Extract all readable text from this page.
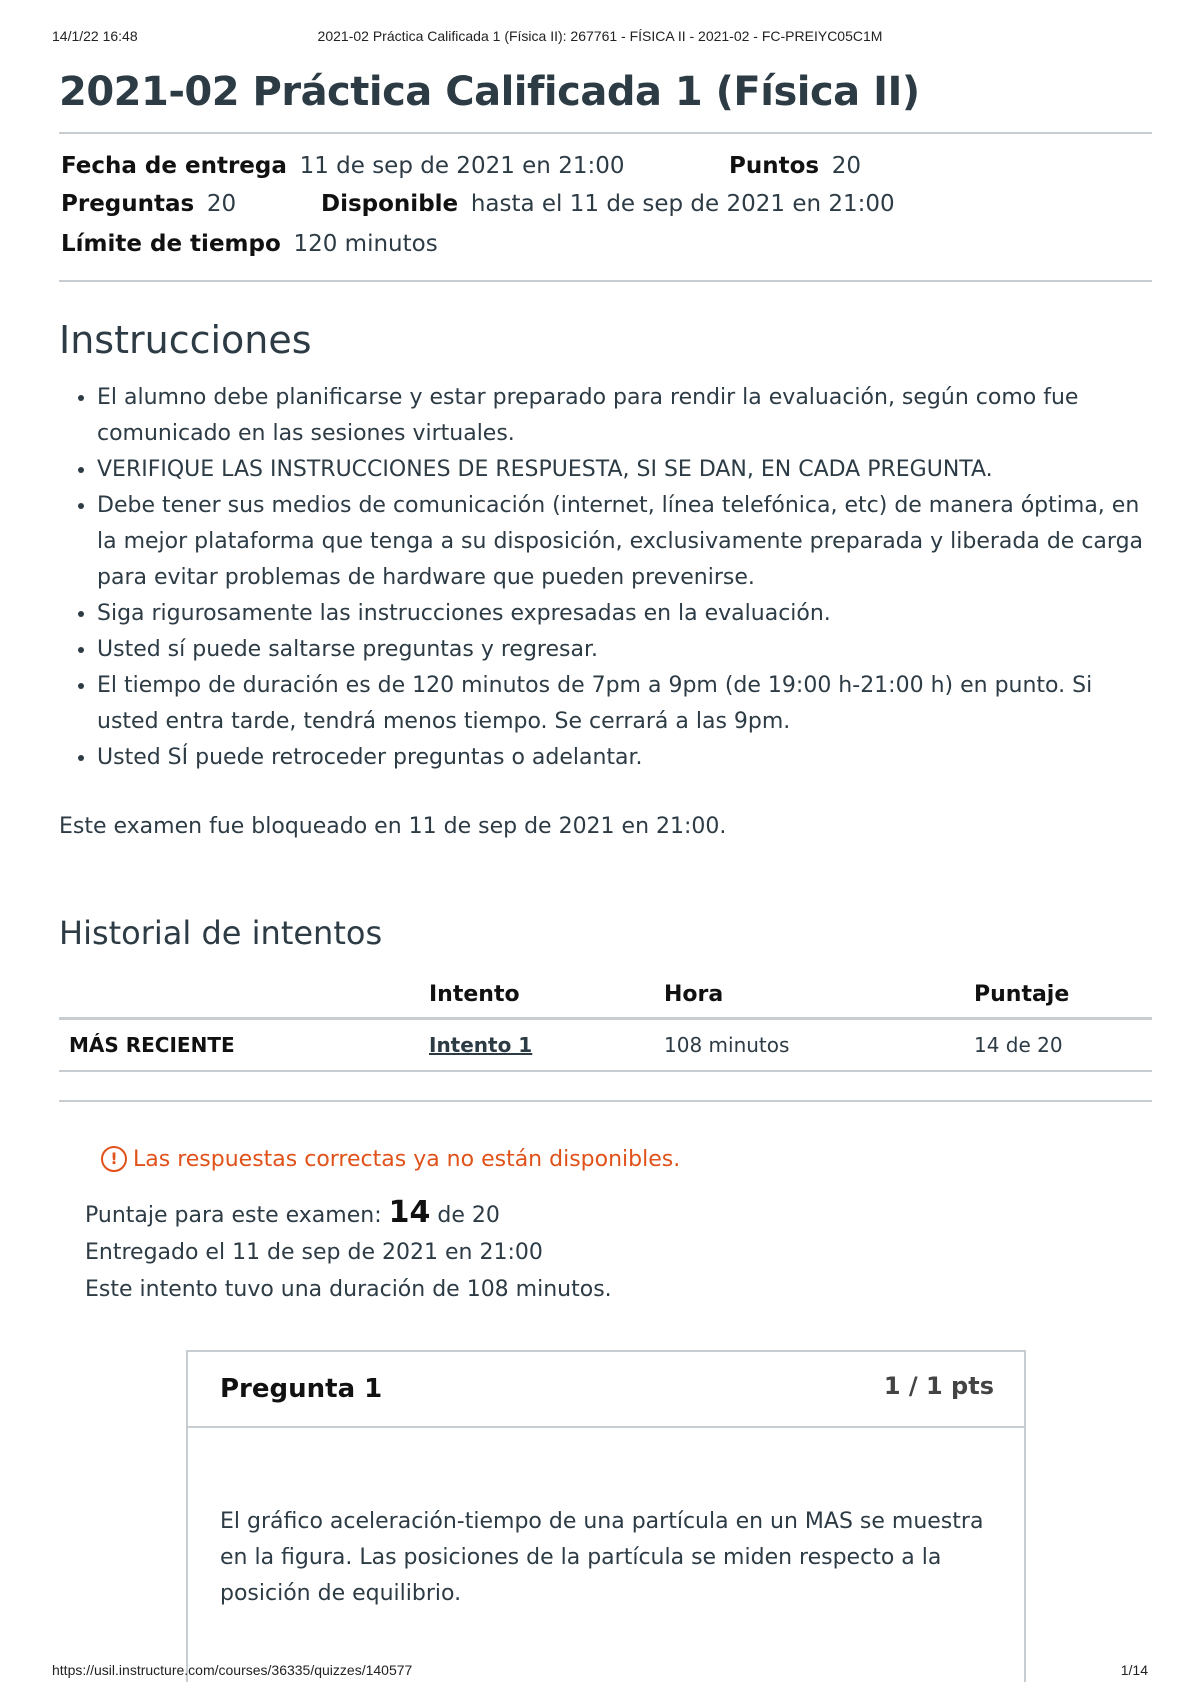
14/1/22 16:48	2021-02 Práctica Calificada 1 (Física II): 267761 - FÍSICA II - 2021-02 - FC-PREIYC05C1M
2021-02 Práctica Calificada 1 (Física II)
Fecha de entrega 11 de sep de 2021 en 21:00	Puntos 20
Preguntas 20	Disponible hasta el 11 de sep de 2021 en 21:00
Límite de tiempo 120 minutos
Instrucciones
• El alumno debe planificarse y estar preparado para rendir la evaluación, según como fue comunicado en las sesiones virtuales.
• VERIFIQUE LAS INSTRUCCIONES DE RESPUESTA, SI SE DAN, EN CADA PREGUNTA.
• Debe tener sus medios de comunicación (internet, línea telefónica, etc) de manera óptima, en la mejor plataforma que tenga a su disposición, exclusivamente preparada y liberada de carga para evitar problemas de hardware que pueden prevenirse.
• Siga rigurosamente las instrucciones expresadas en la evaluación.
• Usted sí puede saltarse preguntas y regresar.
• El tiempo de duración es de 120 minutos de 7pm a 9pm (de 19:00 h-21:00 h) en punto. Si usted entra tarde, tendrá menos tiempo. Se cerrará a las 9pm.
• Usted SÍ puede retroceder preguntas o adelantar.

Este examen fue bloqueado en 11 de sep de 2021 en 21:00.

Historial de intentos
	Intento	Hora	Puntaje
MÁS RECIENTE	Intento 1	108 minutos	14 de 20
! Las respuestas correctas ya no están disponibles.
Puntaje para este examen: 14 de 20
Entregado el 11 de sep de 2021 en 21:00
Este intento tuvo una duración de 108 minutos.
Pregunta 1	1 / 1 pts
El gráfico aceleración-tiempo de una partícula en un MAS se muestra en la figura. Las posiciones de la partícula se miden respecto a la posición de equilibrio.
https://usil.instructure.com/courses/36335/quizzes/140577	1/14
